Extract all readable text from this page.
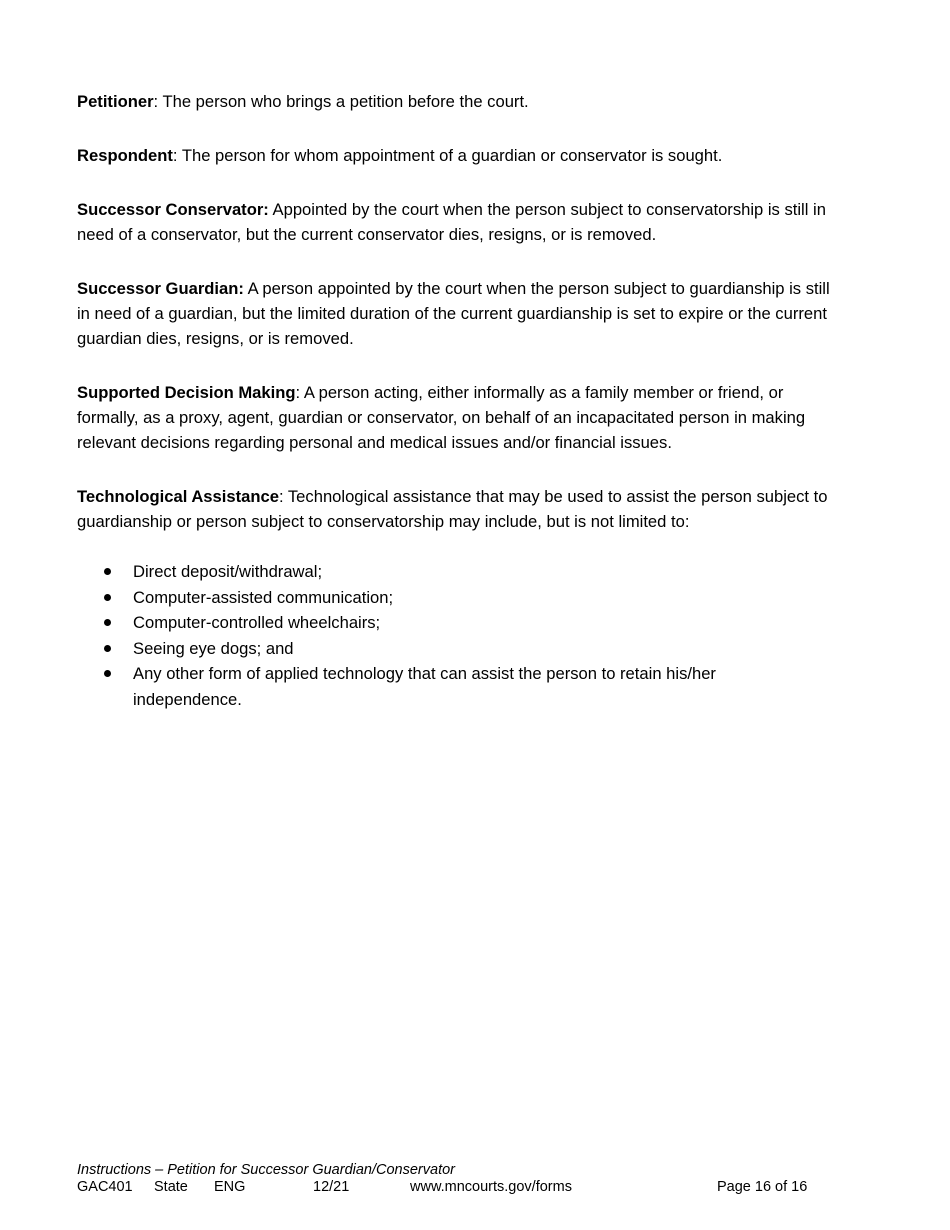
Petitioner: The person who brings a petition before the court.

Respondent: The person for whom appointment of a guardian or conservator is sought.

Successor Conservator: Appointed by the court when the person subject to conservatorship is still in need of a conservator, but the current conservator dies, resigns, or is removed.

Successor Guardian: A person appointed by the court when the person subject to guardianship is still in need of a guardian, but the limited duration of the current guardianship is set to expire or the current guardian dies, resigns, or is removed.

Supported Decision Making: A person acting, either informally as a family member or friend, or formally, as a proxy, agent, guardian or conservator, on behalf of an incapacitated person in making relevant decisions regarding personal and medical issues and/or financial issues.

Technological Assistance: Technological assistance that may be used to assist the person subject to guardianship or person subject to conservatorship may include, but is not limited to:

Direct deposit/withdrawal;
Computer-assisted communication;
Computer-controlled wheelchairs;
Seeing eye dogs; and
Any other form of applied technology that can assist the person to retain his/her independence.
Instructions – Petition for Successor Guardian/Conservator
GAC401 State ENG	12/21	www.mncourts.gov/forms	Page 16 of 16
